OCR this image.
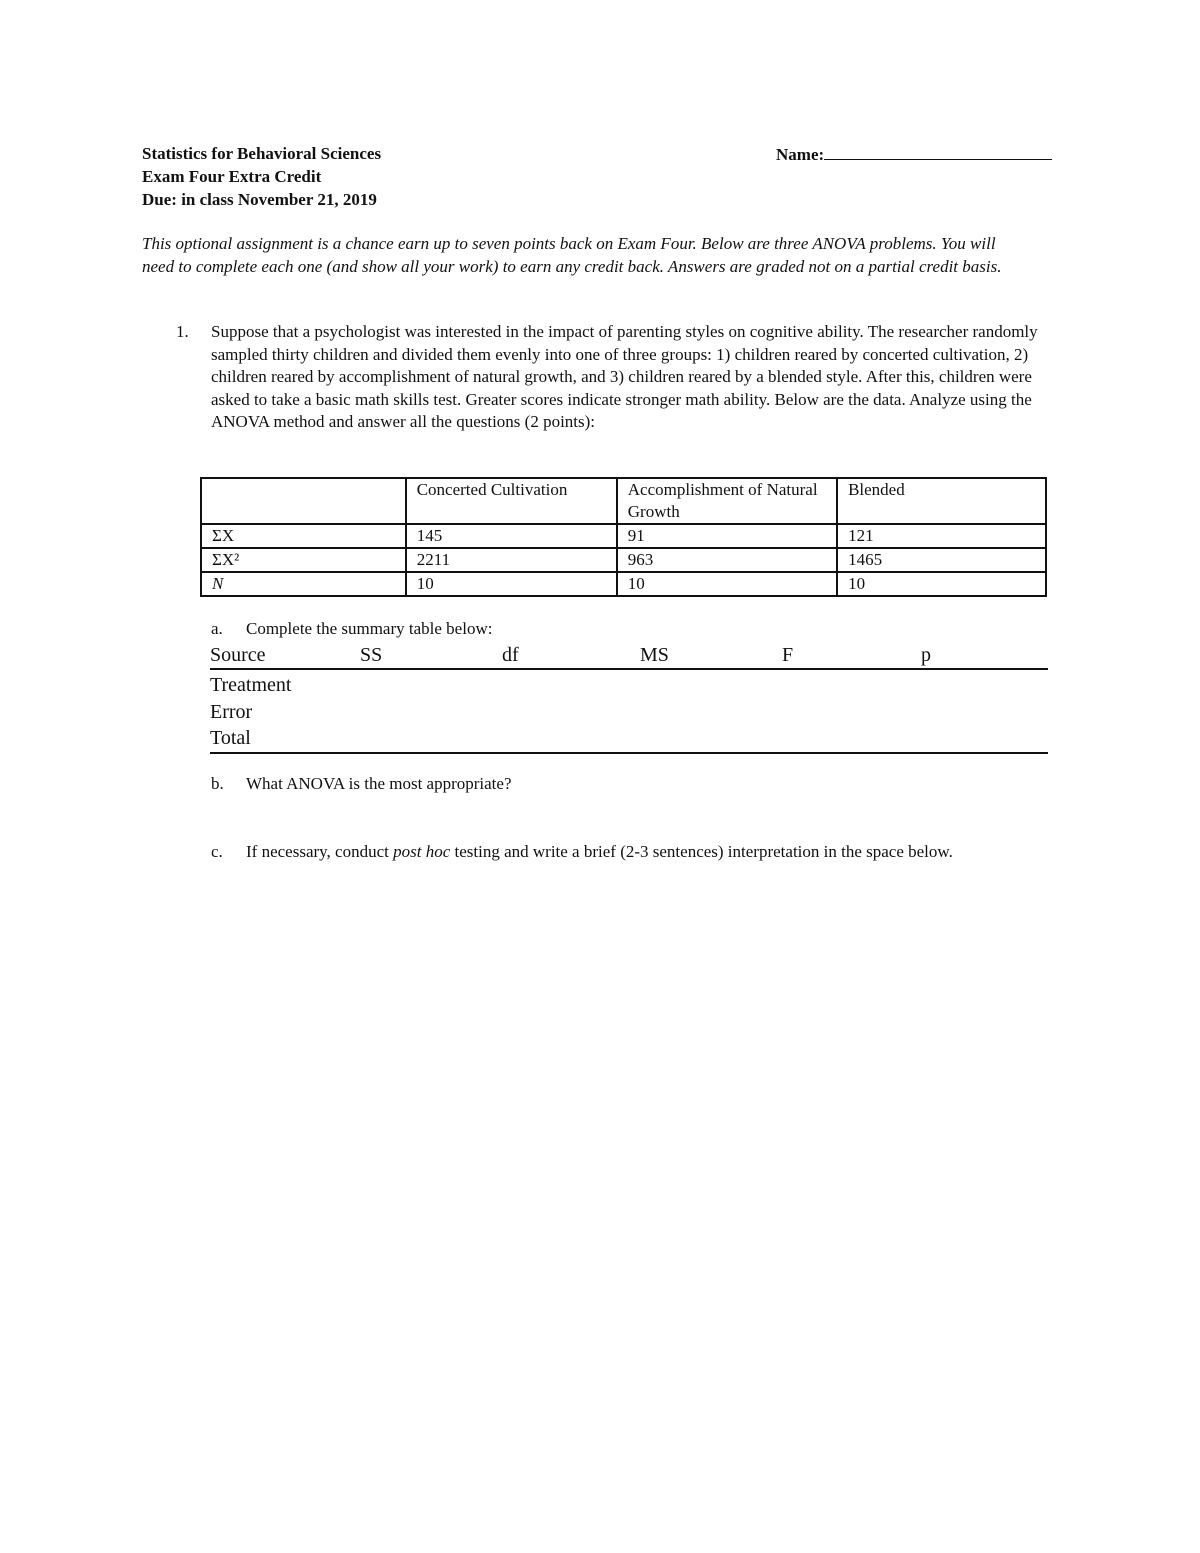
Statistics for Behavioral Sciences
Exam Four Extra Credit
Due: in class November 21, 2019
Name:
This optional assignment is a chance earn up to seven points back on Exam Four. Below are three ANOVA problems. You will need to complete each one (and show all your work) to earn any credit back. Answers are graded not on a partial credit basis.
1. Suppose that a psychologist was interested in the impact of parenting styles on cognitive ability. The researcher randomly sampled thirty children and divided them evenly into one of three groups: 1) children reared by concerted cultivation, 2) children reared by accomplishment of natural growth, and 3) children reared by a blended style. After this, children were asked to take a basic math skills test. Greater scores indicate stronger math ability. Below are the data. Analyze using the ANOVA method and answer all the questions (2 points):
	Concerted Cultivation	Accomplishment of Natural Growth	Blended
ΣX	145	91	121
ΣX²	2211	963	1465
N	10	10	10
a.	Complete the summary table below:
Source	SS	df	MS	F	p
Treatment
Error
Total
b.	What ANOVA is the most appropriate?
c.	If necessary, conduct post hoc testing and write a brief (2-3 sentences) interpretation in the space below.
